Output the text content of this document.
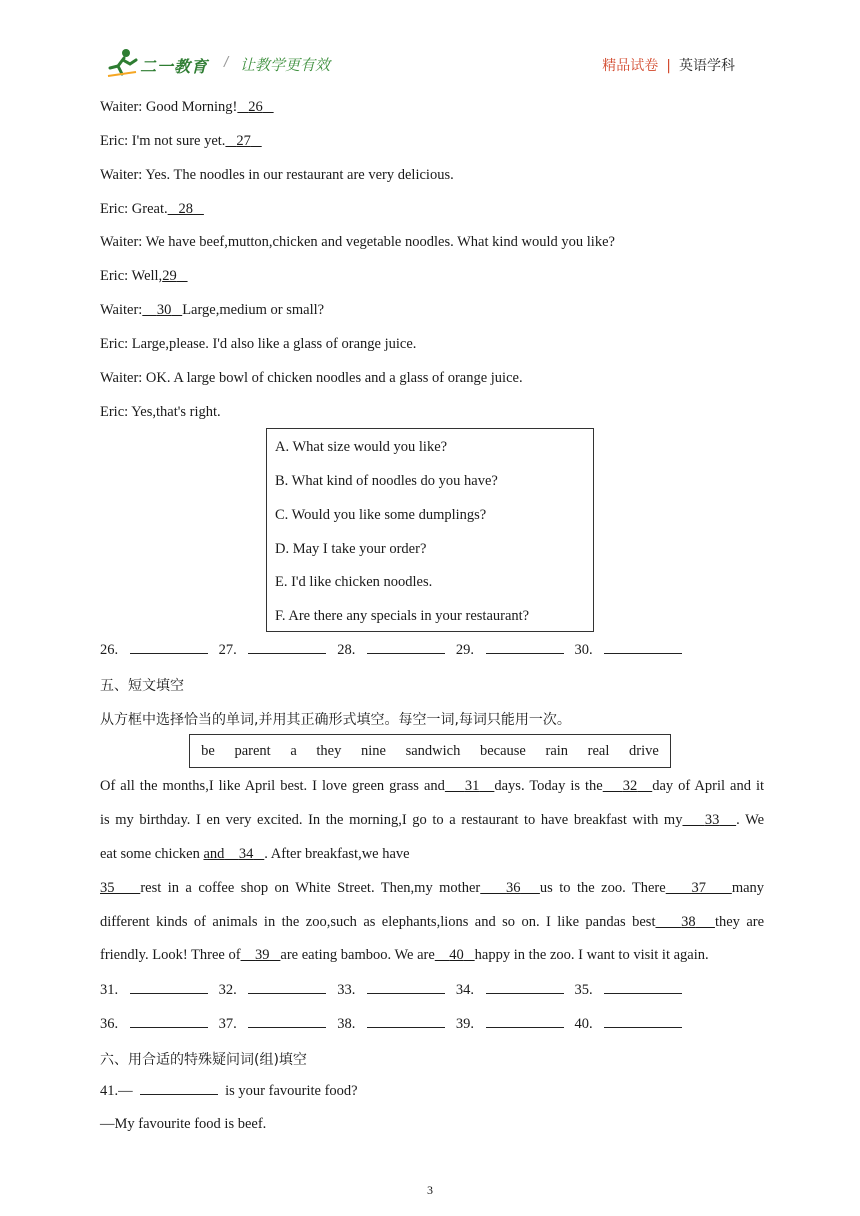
二一教育 / 让教学更有效	精品试卷 | 英语学科
Waiter: Good Morning! 26
Eric: I'm not sure yet. 27
Waiter: Yes. The noodles in our restaurant are very delicious.
Eric: Great. 28
Waiter: We have beef,mutton,chicken and vegetable noodles. What kind would you like?
Eric: Well,29
Waiter: 30 Large,medium or small?
Eric: Large,please. I'd also like a glass of orange juice.
Waiter: OK. A large bowl of chicken noodles and a glass of orange juice.
Eric: Yes,that's right.
A. What size would you like?
B. What kind of noodles do you have?
C. Would you like some dumplings?
D. May I take your order?
E. I'd like chicken noodles.
F. Are there any specials in your restaurant?
26.	27.	28.	29.	30.
五、短文填空
从方框中选择恰当的单词,并用其正确形式填空。每空一词,每词只能用一次。
be parent a they nine sandwich because rain real drive
Of all the months,I like April best. I love green grass and 31 days. Today is the 32 day of April and it
is my birthday. I en very excited. In the morning,I go to a restaurant to have breakfast with my 33 . We
eat some chicken and 34 . After breakfast,we have
35 rest in a coffee shop on White Street. Then,my mother 36 us to the zoo. There 37 many
different kinds of animals in the zoo,such as elephants,lions and so on. I like pandas best 38 they are
friendly. Look! Three of 39 are eating bamboo. We are 40 happy in the zoo. I want to visit it again.
31.	32.	33.	34.	35.
36.	37.	38.	39.	40.
六、用合适的特殊疑问词(组)填空
41.—	is your favourite food?
—My favourite food is beef.
3
